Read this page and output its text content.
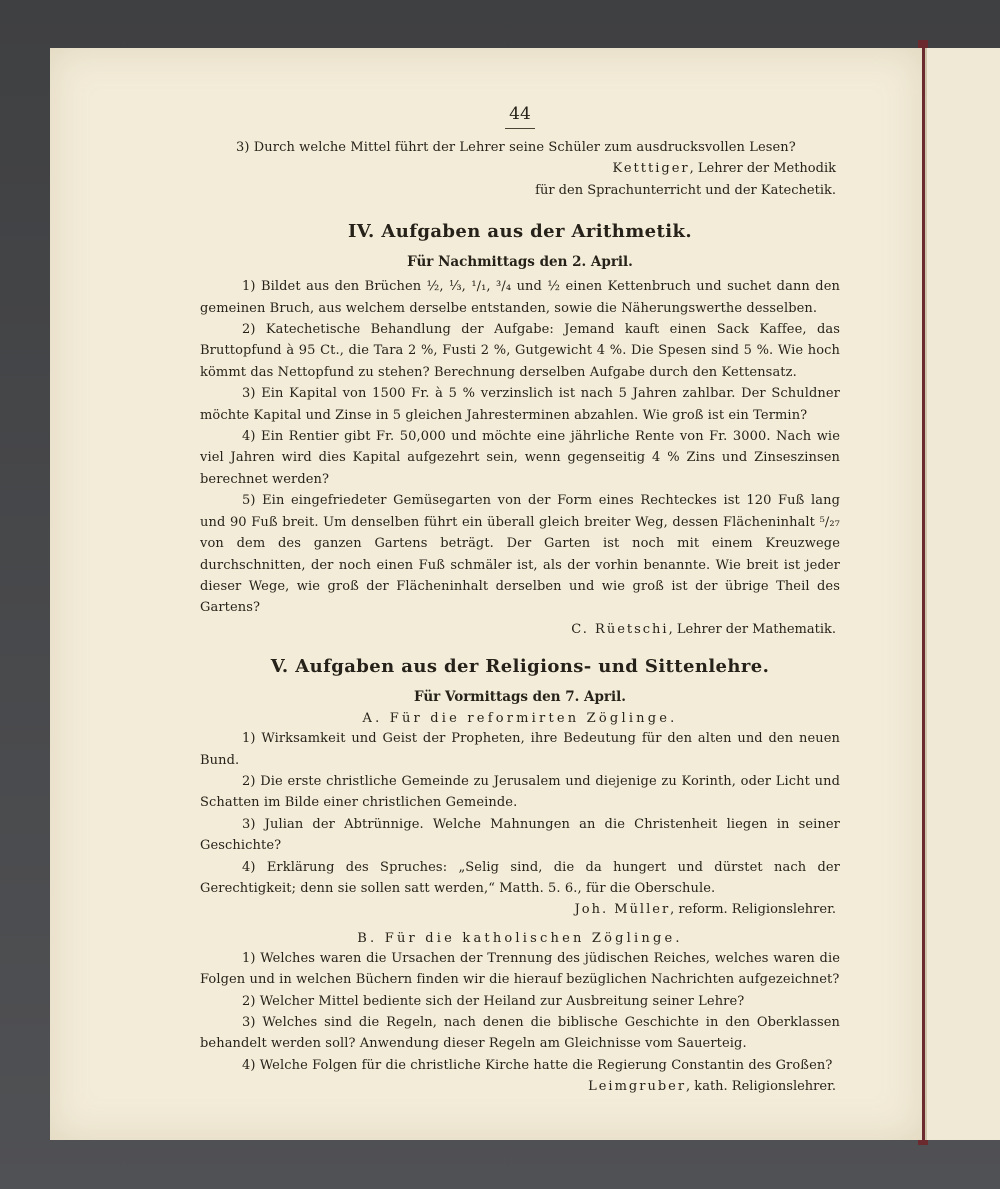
44

3) Durch welche Mittel führt der Lehrer seine Schüler zum ausdrucksvollen Lesen?

Ketttiger, Lehrer der Methodik
für den Sprachunterricht und der Katechetik.
IV. Aufgaben aus der Arithmetik.
Für Nachmittags den 2. April.

1) Bildet aus den Brüchen ½, ⅓, ¹/₁, ³/₄ und ½ einen Kettenbruch und suchet dann den gemeinen Bruch, aus welchem derselbe entstanden, sowie die Näherungswerthe desselben.

2) Katechetische Behandlung der Aufgabe: Jemand kauft einen Sack Kaffee, das Bruttopfund à 95 Ct., die Tara 2 %, Fusti 2 %, Gutgewicht 4 %. Die Spesen sind 5 %. Wie hoch kömmt das Nettopfund zu stehen? Berechnung derselben Aufgabe durch den Kettensatz.

3) Ein Kapital von 1500 Fr. à 5 % verzinslich ist nach 5 Jahren zahlbar. Der Schuldner möchte Kapital und Zinse in 5 gleichen Jahresterminen abzahlen. Wie groß ist ein Termin?

4) Ein Rentier gibt Fr. 50,000 und möchte eine jährliche Rente von Fr. 3000. Nach wie viel Jahren wird dies Kapital aufgezehrt sein, wenn gegenseitig 4 % Zins und Zinseszinsen berechnet werden?

5) Ein eingefriedeter Gemüsegarten von der Form eines Rechteckes ist 120 Fuß lang und 90 Fuß breit. Um denselben führt ein überall gleich breiter Weg, dessen Flächeninhalt ⁵/₂₇ von dem des ganzen Gartens beträgt. Der Garten ist noch mit einem Kreuzwege durchschnitten, der noch einen Fuß schmäler ist, als der vorhin benannte. Wie breit ist jeder dieser Wege, wie groß der Flächeninhalt derselben und wie groß ist der übrige Theil des Gartens?

C. Rüetschi, Lehrer der Mathematik.
V. Aufgaben aus der Religions- und Sittenlehre.
Für Vormittags den 7. April.
A. Für die reformirten Zöglinge.

1) Wirksamkeit und Geist der Propheten, ihre Bedeutung für den alten und den neuen Bund.

2) Die erste christliche Gemeinde zu Jerusalem und diejenige zu Korinth, oder Licht und Schatten im Bilde einer christlichen Gemeinde.

3) Julian der Abtrünnige. Welche Mahnungen an die Christenheit liegen in seiner Geschichte?

4) Erklärung des Spruches: „Selig sind, die da hungert und dürstet nach der Gerechtigkeit; denn sie sollen satt werden,“ Matth. 5. 6., für die Oberschule.

Joh. Müller, reform. Religionslehrer.
B. Für die katholischen Zöglinge.

1) Welches waren die Ursachen der Trennung des jüdischen Reiches, welches waren die Folgen und in welchen Büchern finden wir die hierauf bezüglichen Nachrichten aufgezeichnet?

2) Welcher Mittel bediente sich der Heiland zur Ausbreitung seiner Lehre?

3) Welches sind die Regeln, nach denen die biblische Geschichte in den Oberklassen behandelt werden soll? Anwendung dieser Regeln am Gleichnisse vom Sauerteig.

4) Welche Folgen für die christliche Kirche hatte die Regierung Constantin des Großen?

Leimgruber, kath. Religionslehrer.
